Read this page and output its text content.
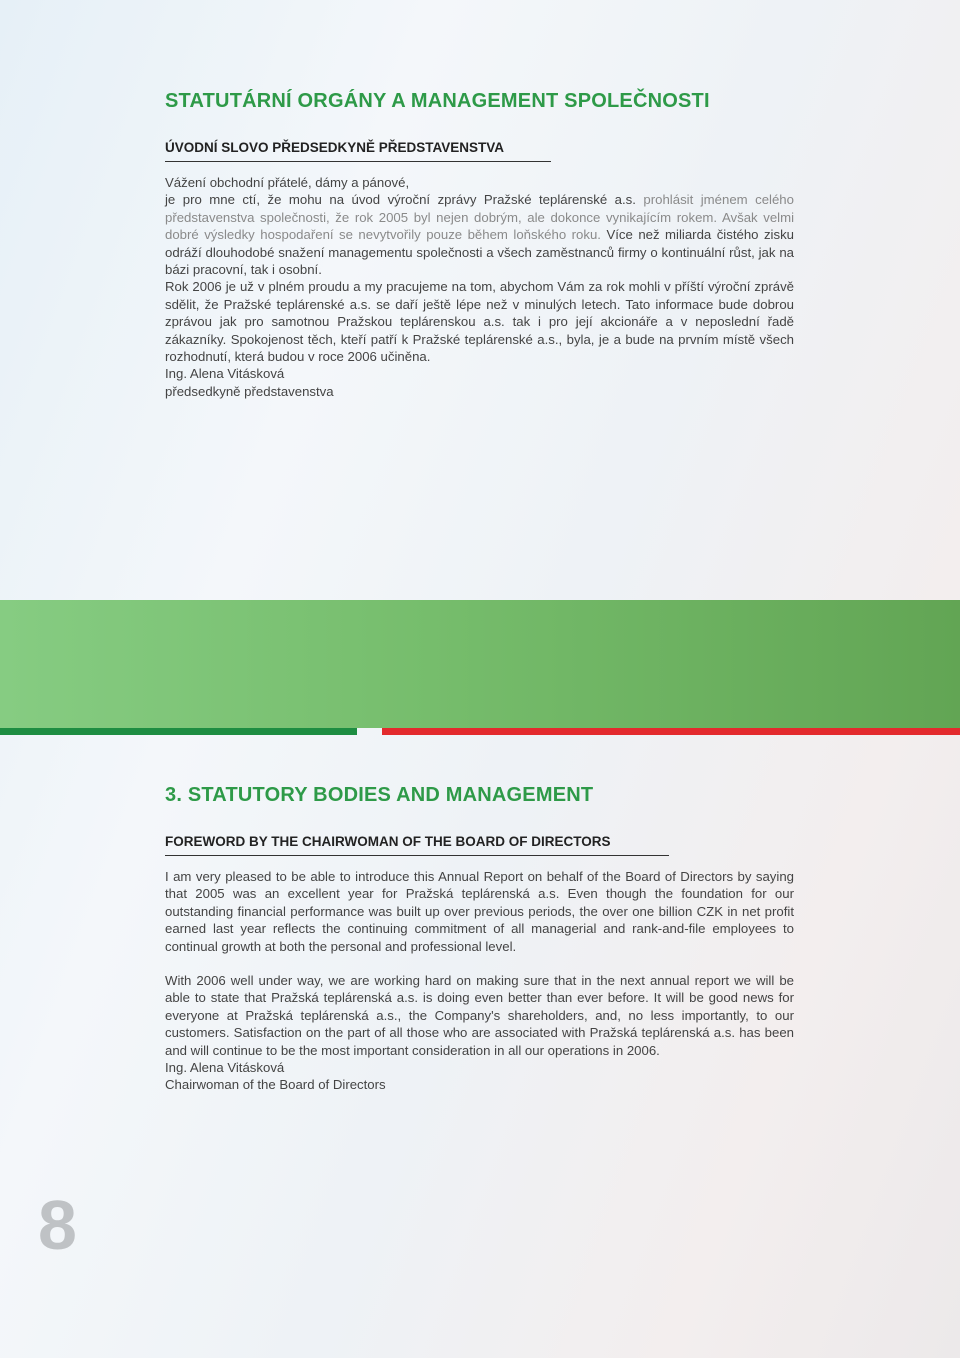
STATUTÁRNÍ ORGÁNY A MANAGEMENT SPOLEČNOSTI
ÚVODNÍ SLOVO PŘEDSEDKYNĚ PŘEDSTAVENSTVA

Vážení obchodní přátelé, dámy a pánové,

je pro mne ctí, že mohu na úvod výroční zprávy Pražské teplárenské a.s. prohlásit jménem celého představenstva společnosti, že rok 2005 byl nejen dobrým, ale dokonce vynikajícím rokem. Avšak velmi dobré výsledky hospodaření se nevytvořily pouze během loňského roku. Více než miliarda čistého zisku odráží dlouhodobé snažení managementu společnosti a všech zaměstnanců firmy o kontinuální růst, jak na bázi pracovní, tak i osobní.

Rok 2006 je už v plném proudu a my pracujeme na tom, abychom Vám za rok mohli v příští výroční zprávě sdělit, že Pražské teplárenské a.s. se daří ještě lépe než v minulých letech. Tato informace bude dobrou zprávou jak pro samotnou Pražskou teplárenskou a.s. tak i pro její akcionáře a v neposlední řadě zákazníky. Spokojenost těch, kteří patří k Pražské teplárenské a.s., byla, je a bude na prvním místě všech rozhodnutí, která budou v roce 2006 učiněna.

Ing. Alena Vitásková

předsedkyně představenstva

3. STATUTORY BODIES AND MANAGEMENT
FOREWORD BY THE CHAIRWOMAN OF THE BOARD OF DIRECTORS

I am very pleased to be able to introduce this Annual Report on behalf of the Board of Directors by saying that 2005 was an excellent year for Pražská teplárenská a.s. Even though the foundation for our outstanding financial performance was built up over previous periods, the over one billion CZK in net profit earned last year reflects the continuing commitment of all managerial and rank-and-file employees to continual growth at both the personal and professional level.

With 2006 well under way, we are working hard on making sure that in the next annual report we will be able to state that Pražská teplárenská a.s. is doing even better than ever before. It will be good news for everyone at Pražská teplárenská a.s., the Company's shareholders, and, no less importantly, to our customers. Satisfaction on the part of all those who are associated with Pražská teplárenská a.s. has been and will continue to be the most important consideration in all our operations in 2006.

Ing. Alena Vitásková

Chairwoman of the Board of Directors

8
